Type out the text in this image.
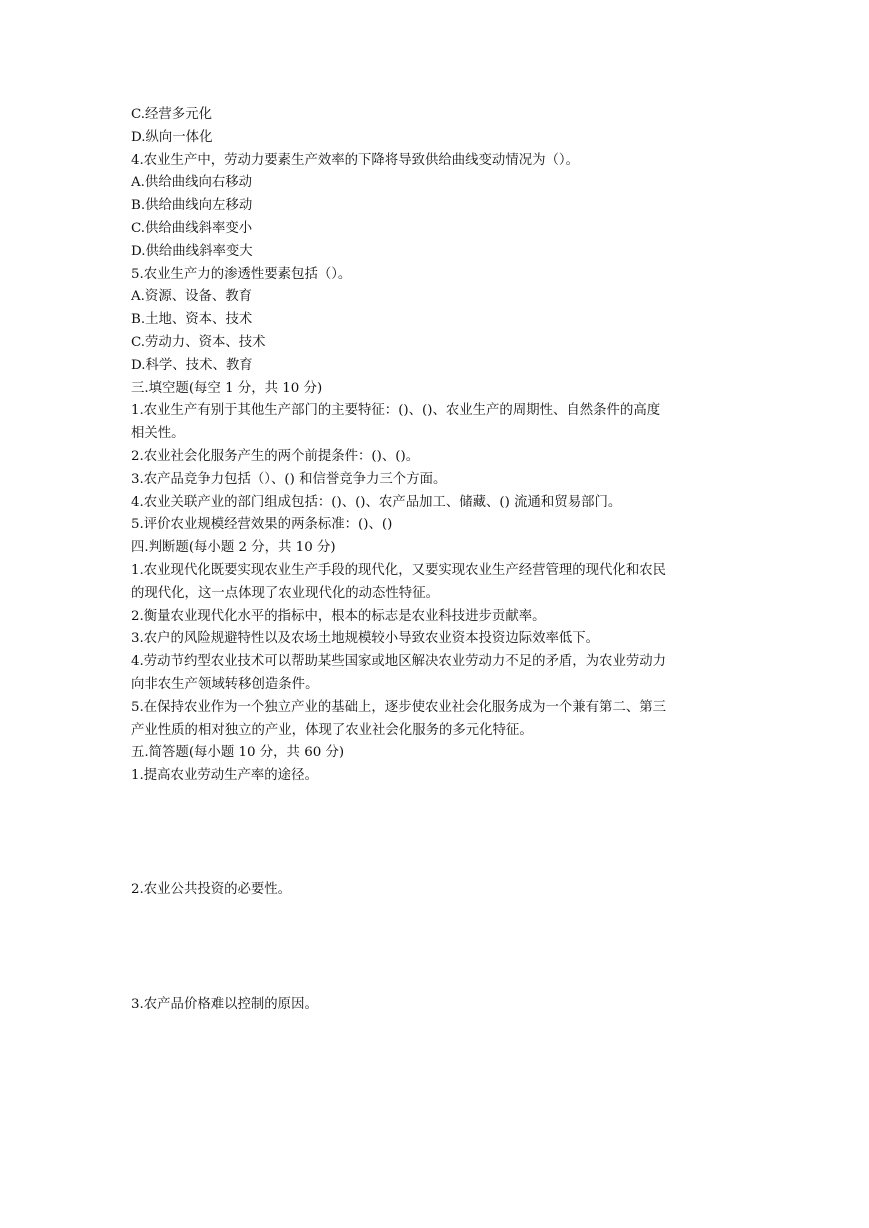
C.经营多元化
D.纵向一体化
4.农业生产中，劳动力要素生产效率的下降将导致供给曲线变动情况为（）。
A.供给曲线向右移动
B.供给曲线向左移动
C.供给曲线斜率变小
D.供给曲线斜率变大
5.农业生产力的渗透性要素包括（）。
A.资源、设备、教育
B.土地、资本、技术
C.劳动力、资本、技术
D.科学、技术、教育
三.填空题(每空 1 分，共 10 分)
1.农业生产有别于其他生产部门的主要特征：()、()、农业生产的周期性、自然条件的高度
相关性。
2.农业社会化服务产生的两个前提条件：()、()。
3.农产品竞争力包括（）、() 和信誉竞争力三个方面。
4.农业关联产业的部门组成包括：()、()、农产品加工、储藏、() 流通和贸易部门。
5.评价农业规模经营效果的两条标准：()、()
四.判断题(每小题 2 分，共 10 分)
1.农业现代化既要实现农业生产手段的现代化，又要实现农业生产经营管理的现代化和农民
的现代化，这一点体现了农业现代化的动态性特征。
2.衡量农业现代化水平的指标中，根本的标志是农业科技进步贡献率。
3.农户的风险规避特性以及农场土地规模较小导致农业资本投资边际效率低下。
4.劳动节约型农业技术可以帮助某些国家或地区解决农业劳动力不足的矛盾，为农业劳动力
向非农生产领域转移创造条件。
5.在保持农业作为一个独立产业的基础上，逐步使农业社会化服务成为一个兼有第二、第三
产业性质的相对独立的产业，体现了农业社会化服务的多元化特征。
五.简答题(每小题 10 分，共 60 分)
1.提高农业劳动生产率的途径。
2.农业公共投资的必要性。
3.农产品价格难以控制的原因。
